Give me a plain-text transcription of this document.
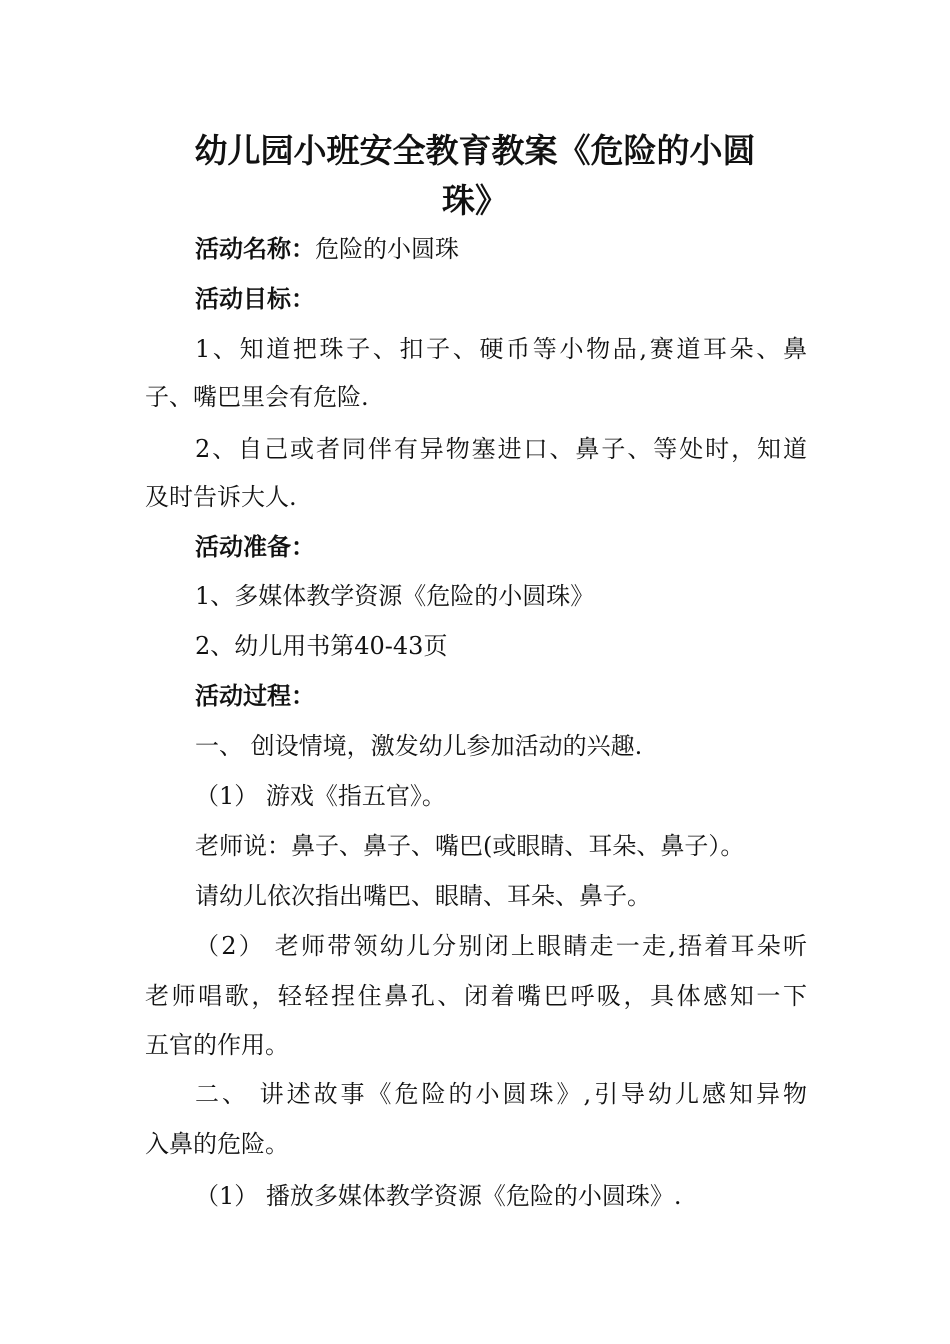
幼儿园小班安全教育教案《危险的小圆
珠》

活动名称：危险的小圆珠

活动目标：

1、知道把珠子、扣子、硬币等小物品,赛道耳朵、鼻

子、嘴巴里会有危险.

2、自己或者同伴有异物塞进口、鼻子、等处时，知道

及时告诉大人.

活动准备：

1、多媒体教学资源《危险的小圆珠》

2、幼儿用书第40-43页

活动过程：

一、 创设情境，激发幼儿参加活动的兴趣.

（1） 游戏《指五官》。

老师说：鼻子、鼻子、嘴巴(或眼睛、耳朵、鼻子）。

请幼儿依次指出嘴巴、眼睛、耳朵、鼻子。

（2） 老师带领幼儿分别闭上眼睛走一走,捂着耳朵听

老师唱歌，轻轻捏住鼻孔、闭着嘴巴呼吸，具体感知一下

五官的作用。

二、 讲述故事《危险的小圆珠》,引导幼儿感知异物

入鼻的危险。

（1） 播放多媒体教学资源《危险的小圆珠》.
